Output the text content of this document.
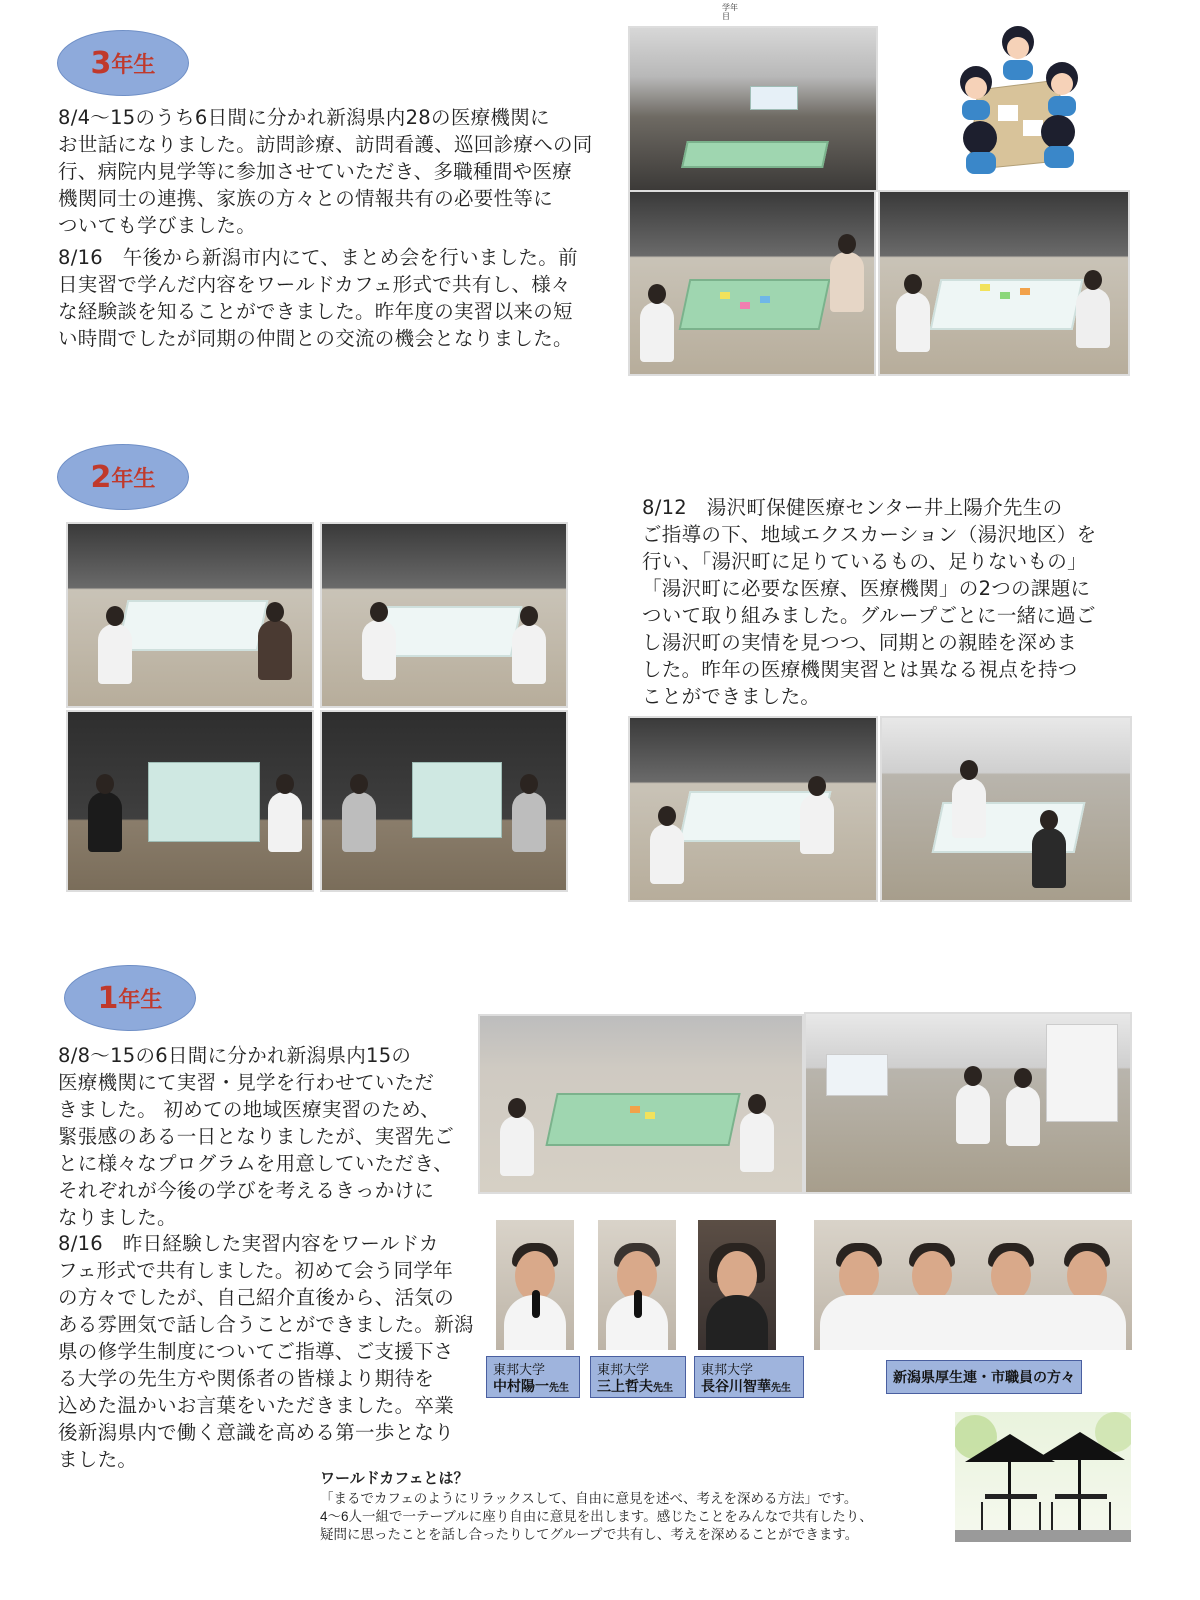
学年
目
3 年生
8/4～15のうち6日間に分かれ新潟県内28の医療機関に
お世話になりました。訪問診療、訪問看護、巡回診療への同
行、病院内見学等に参加させていただき、多職種間や医療
機関同士の連携、家族の方々との情報共有の必要性等に
ついても学びました。
8/16　午後から新潟市内にて、まとめ会を行いました。前
日実習で学んだ内容をワールドカフェ形式で共有し、様々
な経験談を知ることができました。昨年度の実習以来の短
い時間でしたが同期の仲間との交流の機会となりました。
2 年生
8/12　湯沢町保健医療センター井上陽介先生の
ご指導の下、地域エクスカーション（湯沢地区）を
行い、「湯沢町に足りているもの、足りないもの」
「湯沢町に必要な医療、医療機関」の2つの課題に
ついて取り組みました。グループごとに一緒に過ご
し湯沢町の実情を見つつ、同期との親睦を深めま
した。昨年の医療機関実習とは異なる視点を持つ
ことができました。
1 年生
8/8～15の6日間に分かれ新潟県内15の
医療機関にて実習・見学を行わせていただ
きました。 初めての地域医療実習のため、
緊張感のある一日となりましたが、実習先ご
とに様々なプログラムを用意していただき、
それぞれが今後の学びを考えるきっかけに
なりました。
8/16　昨日経験した実習内容をワールドカ
フェ形式で共有しました。初めて会う同学年
の方々でしたが、自己紹介直後から、活気の
ある雰囲気で話し合うことができました。新潟
県の修学生制度についてご指導、ご支援下さ
る大学の先生方や関係者の皆様より期待を
込めた温かいお言葉をいただきました。卒業
後新潟県内で働く意識を高める第一歩となり
ました。
東邦大学
中村陽一先生
東邦大学
三上哲夫先生
東邦大学
長谷川智華先生
新潟県厚生連・市職員の方々
ワールドカフェとは？
「まるでカフェのようにリラックスして、自由に意見を述べ、考えを深める方法」です。
4～6人一組で一テーブルに座り自由に意見を出します。感じたことをみんなで共有したり、
疑問に思ったことを話し合ったりしてグループで共有し、考えを深めることができます。
